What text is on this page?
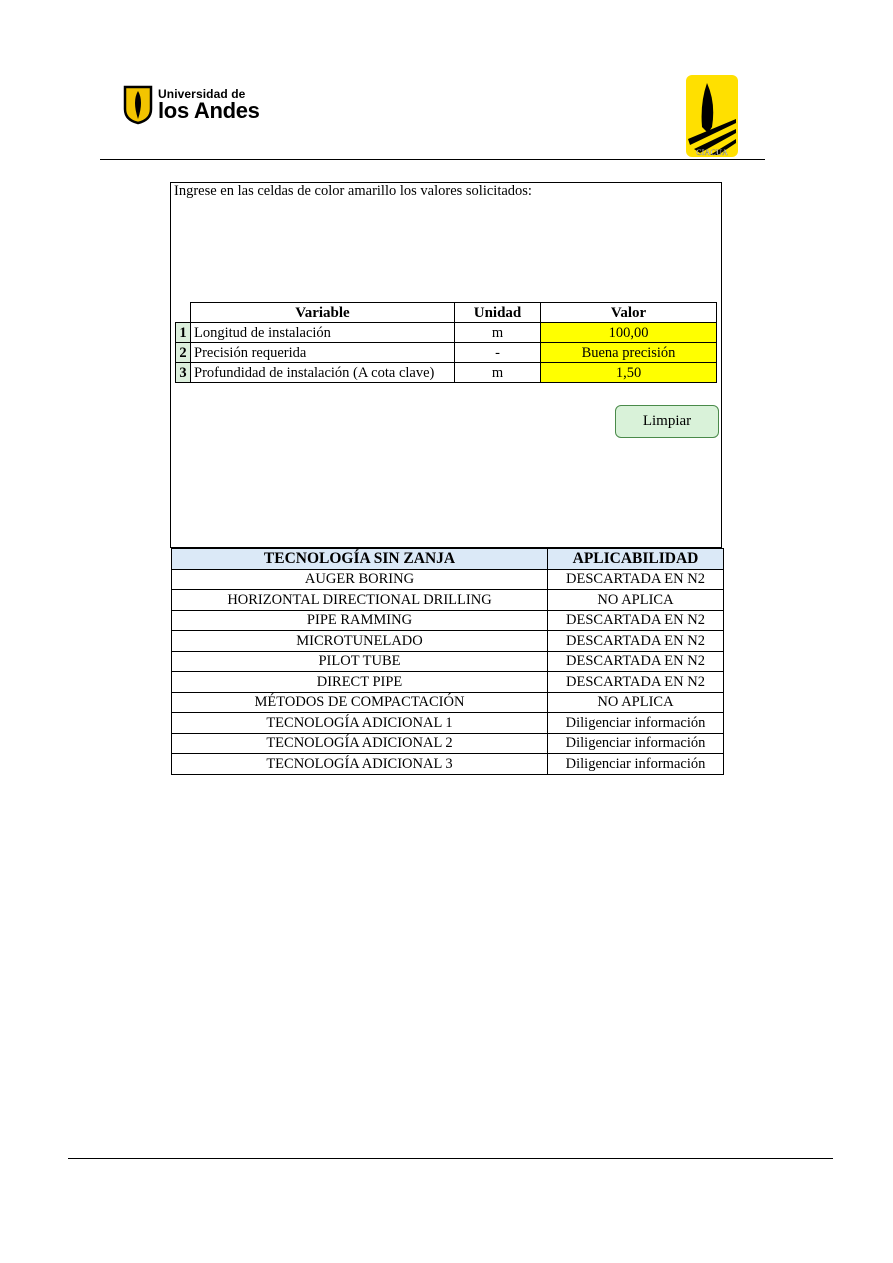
Universidad de
los Andes
CIACUA
Ingrese en las celdas de color amarillo los valores solicitados:
	Variable	Unidad	Valor
1	Longitud de instalación	m	100,00
2	Precisión requerida	-	Buena precisión
3	Profundidad de instalación (A cota clave)	m	1,50
Limpiar
TECNOLOGÍA SIN ZANJA	APLICABILIDAD
AUGER BORING	DESCARTADA EN N2
HORIZONTAL DIRECTIONAL DRILLING	NO APLICA
PIPE RAMMING	DESCARTADA EN N2
MICROTUNELADO	DESCARTADA EN N2
PILOT TUBE	DESCARTADA EN N2
DIRECT PIPE	DESCARTADA EN N2
MÉTODOS DE COMPACTACIÓN	NO APLICA
TECNOLOGÍA ADICIONAL 1	Diligenciar información
TECNOLOGÍA ADICIONAL 2	Diligenciar información
TECNOLOGÍA ADICIONAL 3	Diligenciar información
